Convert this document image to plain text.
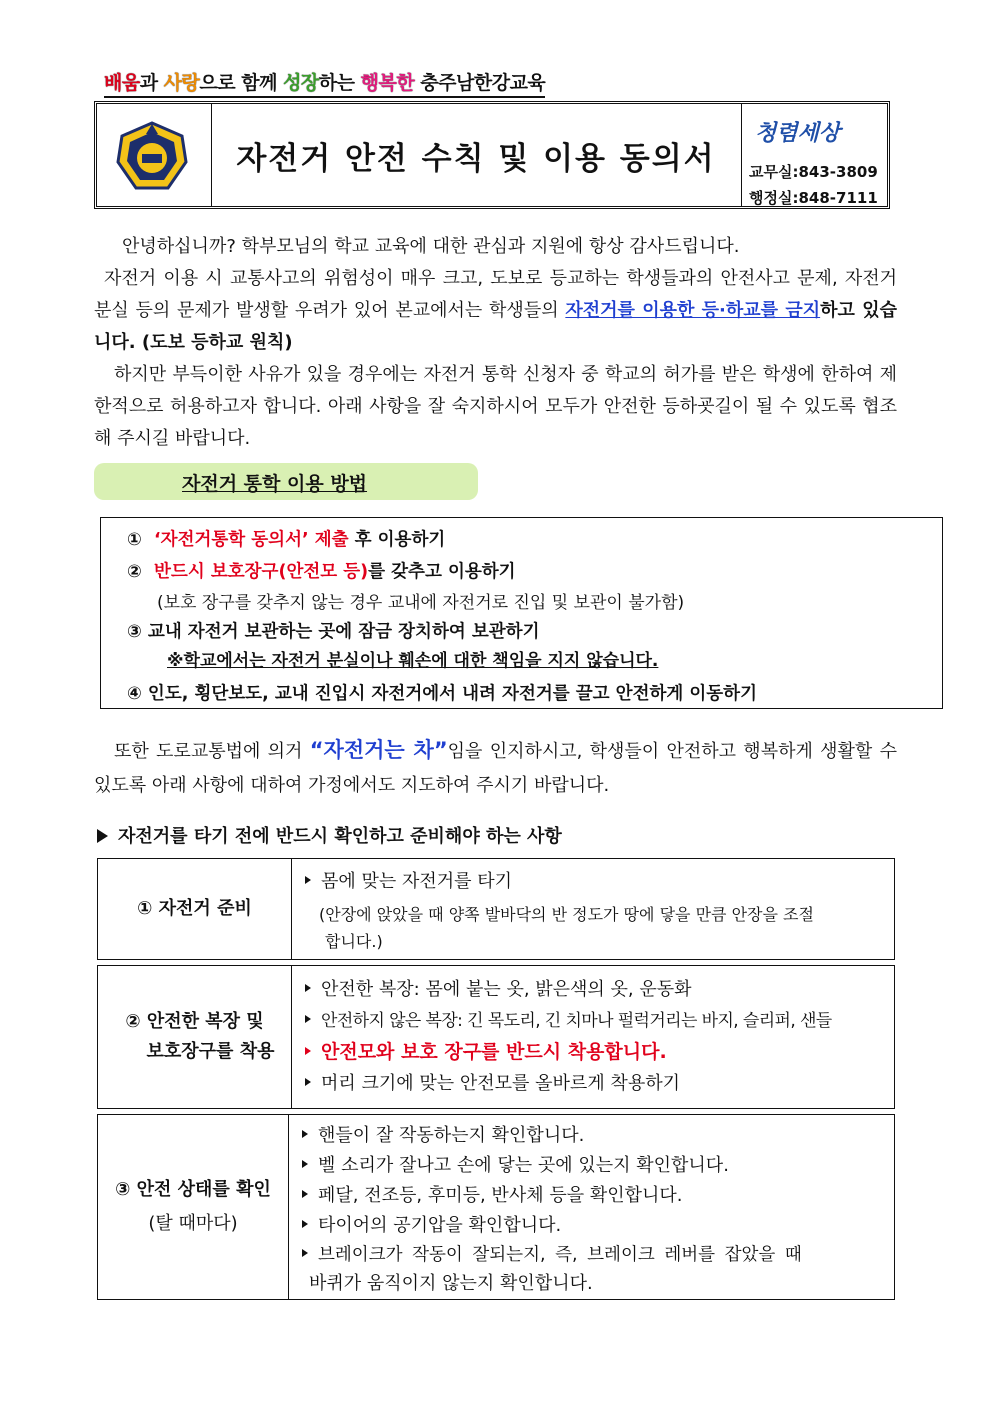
배움과 사랑으로 함께 성장하는 행복한 충주남한강교육
자전거 안전 수칙 및 이용 동의서
청렴세상
교무실:843-3809
행정실:848-7111
안녕하십니까? 학부모님의 학교 교육에 대한 관심과 지원에 항상 감사드립니다.
자전거 이용 시 교통사고의 위험성이 매우 크고, 도보로 등교하는 학생들과의 안전사고 문제, 자전거 분실 등의 문제가 발생할 우려가 있어 본교에서는 학생들의 자전거를 이용한 등·하교를 금지하고 있습니다. (도보 등하교 원칙)
하지만 부득이한 사유가 있을 경우에는 자전거 통학 신청자 중 학교의 허가를 받은 학생에 한하여 제한적으로 허용하고자 합니다. 아래 사항을 잘 숙지하시어 모두가 안전한 등하굣길이 될 수 있도록 협조해 주시길 바랍니다.
자전거 통학 이용 방법
① ‘자전거통학 동의서’ 제출 후 이용하기
② 반드시 보호장구(안전모 등)를 갖추고 이용하기
(보호 장구를 갖추지 않는 경우 교내에 자전거로 진입 및 보관이 불가함)
③ 교내 자전거 보관하는 곳에 잠금 장치하여 보관하기
※학교에서는 자전거 분실이나 훼손에 대한 책임을 지지 않습니다.
④ 인도, 횡단보도, 교내 진입시 자전거에서 내려 자전거를 끌고 안전하게 이동하기
또한 도로교통법에 의거 “자전거는 차”임을 인지하시고, 학생들이 안전하고 행복하게 생활할 수 있도록 아래 사항에 대하여 가정에서도 지도하여 주시기 바랍니다.
자전거를 타기 전에 반드시 확인하고 준비해야 하는 사항
① 자전거 준비
몸에 맞는 자전거를 타기
(안장에 앉았을 때 양쪽 발바닥의 반 정도가 땅에 닿을 만큼 안장을 조절
합니다.)
② 안전한 복장 및
보호장구를 착용
안전한 복장: 몸에 붙는 옷, 밝은색의 옷, 운동화
안전하지 않은 복장: 긴 목도리, 긴 치마나 펄럭거리는 바지, 슬리퍼, 샌들
안전모와 보호 장구를 반드시 착용합니다.
머리 크기에 맞는 안전모를 올바르게 착용하기
③ 안전 상태를 확인
(탈 때마다)
핸들이 잘 작동하는지 확인합니다.
벨 소리가 잘나고 손에 닿는 곳에 있는지 확인합니다.
페달, 전조등, 후미등, 반사체 등을 확인합니다.
타이어의 공기압을 확인합니다.
브레이크가 작동이 잘되는지, 즉, 브레이크 레버를 잡았을 때
바퀴가 움직이지 않는지 확인합니다.
